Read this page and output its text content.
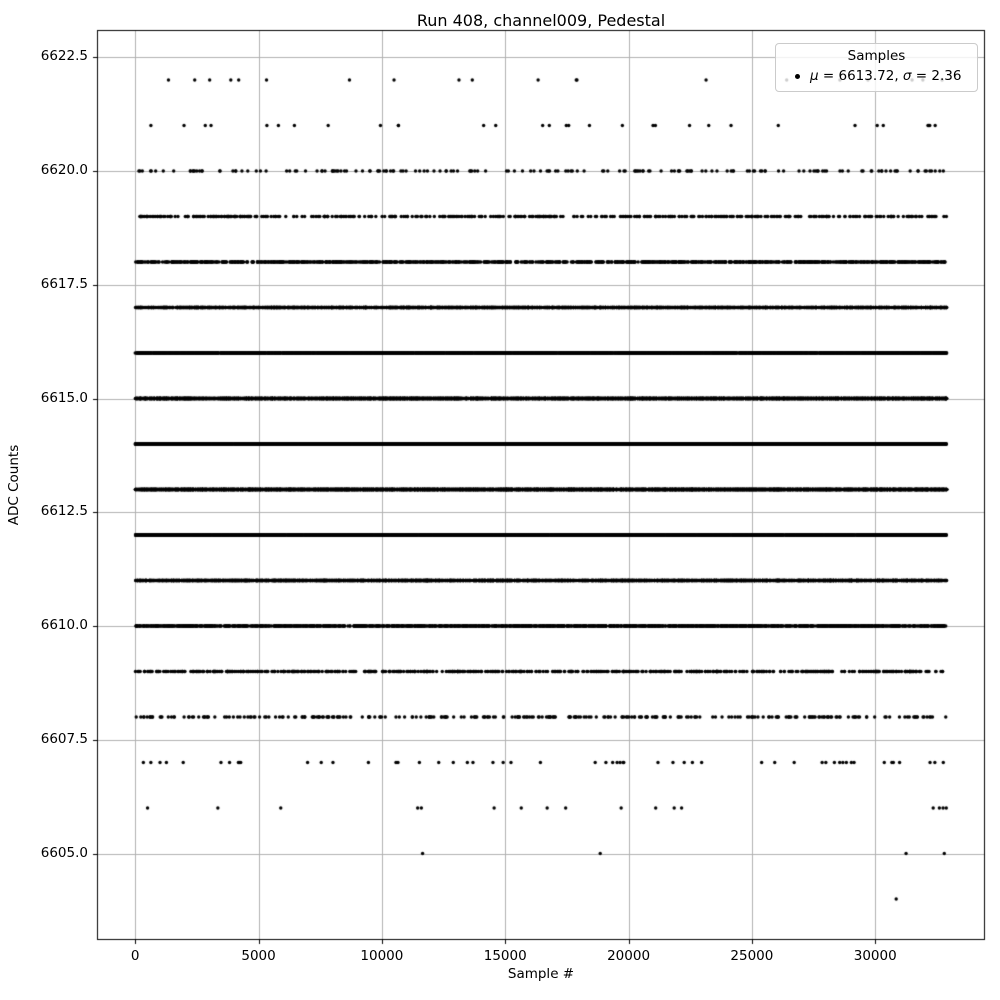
Run 408, channel009, Pedestal
Sample #
ADC Counts
0	5000	10000	15000	20000	25000	30000
6605.0
6607.5
6610.0
6612.5
6615.0
6617.5
6620.0
6622.5	Samples
μ = 6613.72, σ = 2.36
